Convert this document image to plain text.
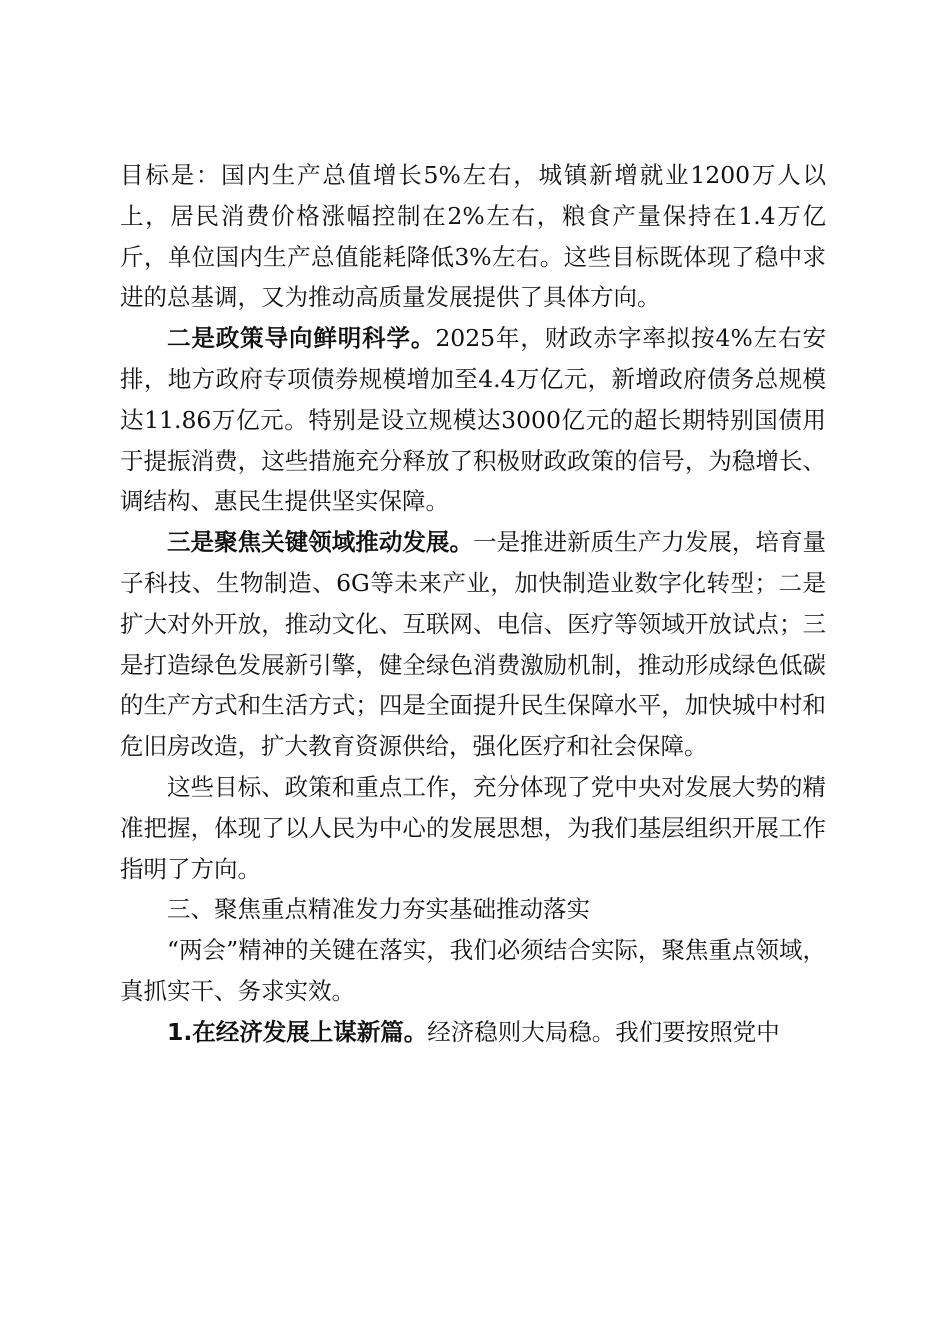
目标是：国内生产总值增长5%左右，城镇新增就业1200万人以上，居民消费价格涨幅控制在2%左右，粮食产量保持在1.4万亿斤，单位国内生产总值能耗降低3%左右。这些目标既体现了稳中求进的总基调，又为推动高质量发展提供了具体方向。

二是政策导向鲜明科学。2025年，财政赤字率拟按4%左右安排，地方政府专项债券规模增加至4.4万亿元，新增政府债务总规模达11.86万亿元。特别是设立规模达3000亿元的超长期特别国债用于提振消费，这些措施充分释放了积极财政政策的信号，为稳增长、调结构、惠民生提供坚实保障。

三是聚焦关键领域推动发展。一是推进新质生产力发展，培育量子科技、生物制造、6G等未来产业，加快制造业数字化转型；二是扩大对外开放，推动文化、互联网、电信、医疗等领域开放试点；三是打造绿色发展新引擎，健全绿色消费激励机制，推动形成绿色低碳的生产方式和生活方式；四是全面提升民生保障水平，加快城中村和危旧房改造，扩大教育资源供给，强化医疗和社会保障。

这些目标、政策和重点工作，充分体现了党中央对发展大势的精准把握，体现了以人民为中心的发展思想，为我们基层组织开展工作指明了方向。

三、聚焦重点精准发力夯实基础推动落实

“两会”精神的关键在落实，我们必须结合实际，聚焦重点领域，真抓实干、务求实效。

1.在经济发展上谋新篇。经济稳则大局稳。我们要按照党中
